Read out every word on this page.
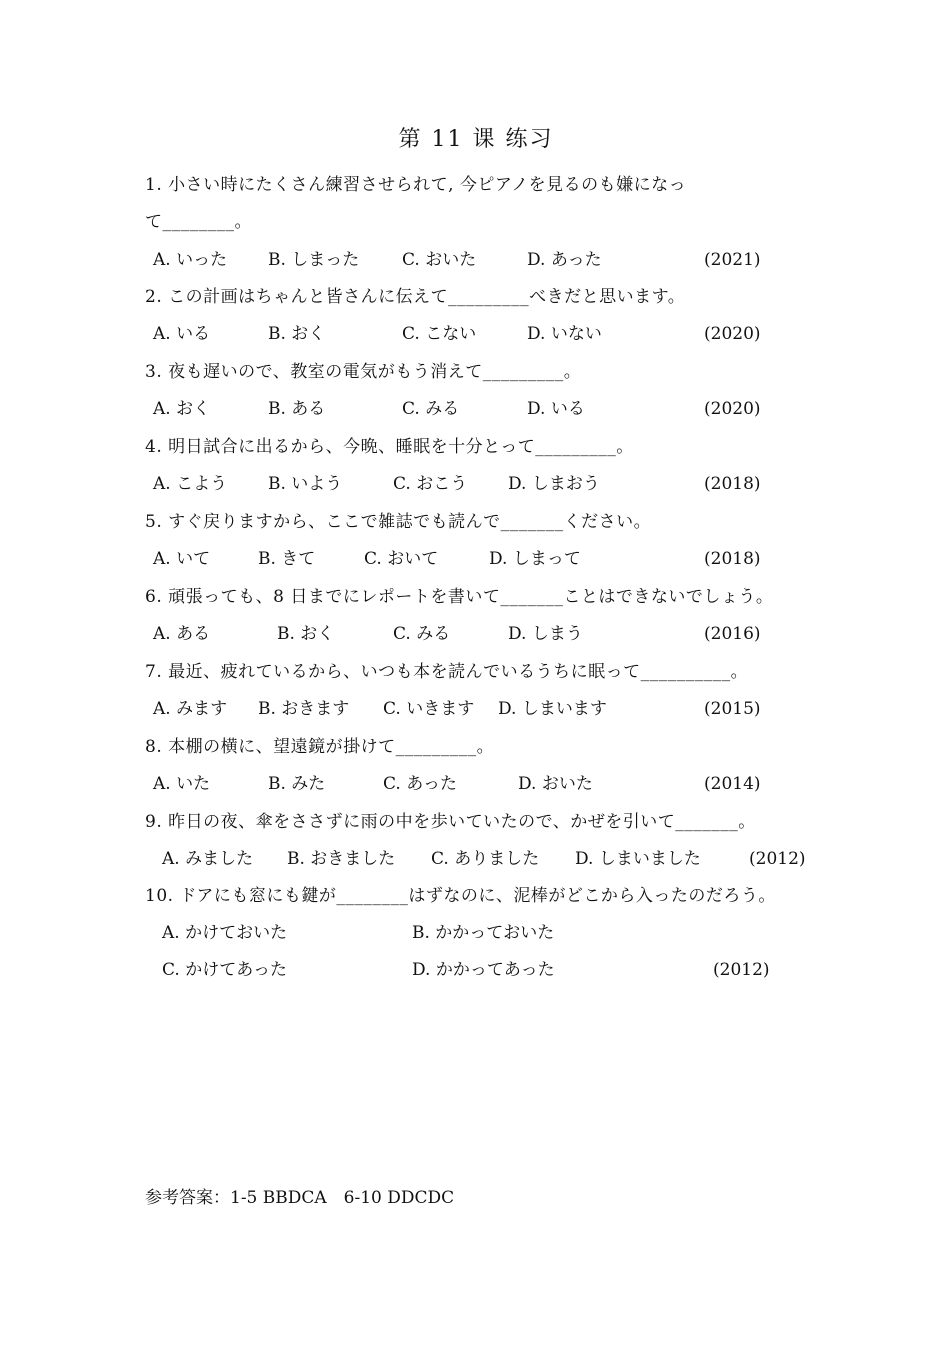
第 11 课 练习
1. 小さい時にたくさん練習させられて, 今ピアノを見るのも嫌になっ
て________。
A. いった B. しまった	C. おいた	D. あった	(2021)
2. この計画はちゃんと皆さんに伝えて_________べきだと思います。
A. いる	B. おく	C. こない	D. いない	(2020)
3. 夜も遅いので、教室の電気がもう消えて_________。
A. おく	B. ある	C. みる	D. いる	(2020)
4. 明日試合に出るから、今晩、睡眠を十分とって_________。
A. こよう B. いよう	C. おこう D. しまおう	(2018)
5. すぐ戻りますから、ここで雑誌でも読んで_______ください。
A. いて	B. きて	C. おいて	D. しまって	(2018)
6. 頑張っても、8 日までにレポートを書いて_______ことはできないでしょう。
A. ある	B. おく	C. みる	D. しまう	(2016)
7. 最近、疲れているから、いつも本を読んでいるうちに眠って__________。
A. みます B. おきます C. いきます D. しまいます	(2015)
8. 本棚の横に、望遠鏡が掛けて_________。
A. いた	B. みた	C. あった	D. おいた	(2014)
9. 昨日の夜、傘をささずに雨の中を歩いていたので、かぜを引いて_______。
A. みました B. おきました C. ありました D. しまいました	(2012)
10. ドアにも窓にも鍵が________はずなのに、泥棒がどこから入ったのだろう。
A. かけておいた	B. かかっておいた
C. かけてあった	D. かかってあった	(2012)
参考答案：1-5 BBDCA　6-10 DDCDC
